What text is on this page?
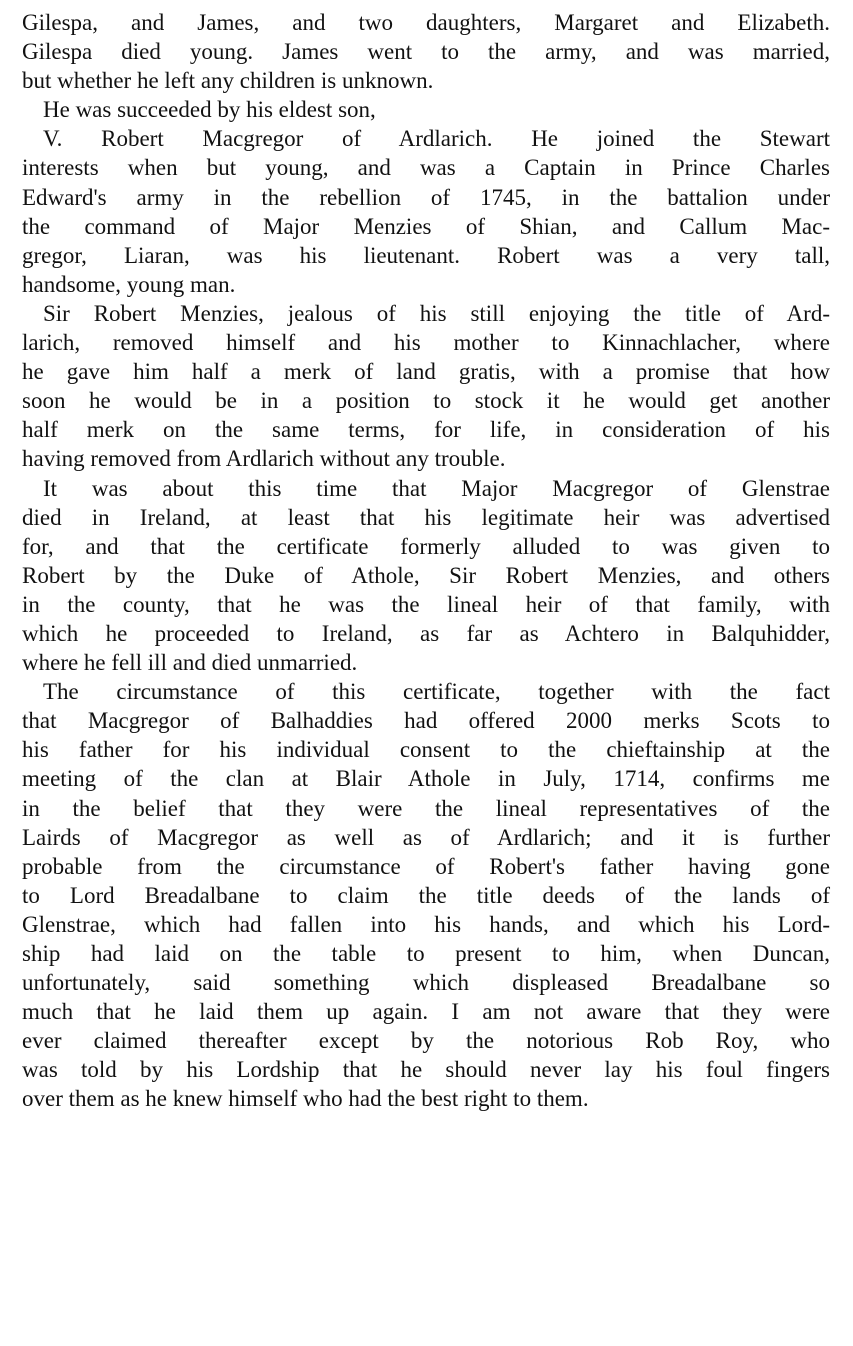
Gilespa, and James, and two daughters, Margaret and Elizabeth.
Gilespa died young. James went to the army, and was married,
but whether he left any children is unknown.
He was succeeded by his eldest son,
V. Robert Macgregor of Ardlarich. He joined the Stewart
interests when but young, and was a Captain in Prince Charles
Edward's army in the rebellion of 1745, in the battalion under
the command of Major Menzies of Shian, and Callum Mac-
gregor, Liaran, was his lieutenant. Robert was a very tall,
handsome, young man.
Sir Robert Menzies, jealous of his still enjoying the title of Ard-
larich, removed himself and his mother to Kinnachlacher, where
he gave him half a merk of land gratis, with a promise that how
soon he would be in a position to stock it he would get another
half merk on the same terms, for life, in consideration of his
having removed from Ardlarich without any trouble.
It was about this time that Major Macgregor of Glenstrae
died in Ireland, at least that his legitimate heir was advertised
for, and that the certificate formerly alluded to was given to
Robert by the Duke of Athole, Sir Robert Menzies, and others
in the county, that he was the lineal heir of that family, with
which he proceeded to Ireland, as far as Achtero in Balquhidder,
where he fell ill and died unmarried.
The circumstance of this certificate, together with the fact
that Macgregor of Balhaddies had offered 2000 merks Scots to
his father for his individual consent to the chieftainship at the
meeting of the clan at Blair Athole in July, 1714, confirms me
in the belief that they were the lineal representatives of the
Lairds of Macgregor as well as of Ardlarich; and it is further
probable from the circumstance of Robert's father having gone
to Lord Breadalbane to claim the title deeds of the lands of
Glenstrae, which had fallen into his hands, and which his Lord-
ship had laid on the table to present to him, when Duncan,
unfortunately, said something which displeased Breadalbane so
much that he laid them up again. I am not aware that they were
ever claimed thereafter except by the notorious Rob Roy, who
was told by his Lordship that he should never lay his foul fingers
over them as he knew himself who had the best right to them.
